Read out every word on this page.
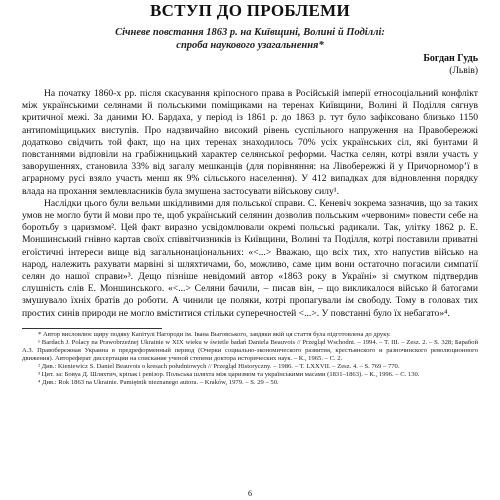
ВСТУП ДО ПРОБЛЕМИ
Січневе повстання 1863 р. на Київщині, Волині й Поділлі:
спроба наукового узагальнення*
Богдан Гудь
(Львів)

На початку 1860-х рр. після скасування кріпосного права в Російській імперії етносоціальний конфлікт між українськими селянами й польськими поміщиками на теренах Київщини, Волині й Поділля сягнув критичної межі. За даними Ю. Бардаха, у період із 1861 р. до 1863 р. тут було зафіксовано близько 1150 антипоміщицьких виступів. Про надзвичайно високий рівень суспільного напруження на Правобережжі додатково свідчить той факт, що на цих теренах знаходилось 70% усіх українських сіл, які бунтами й повстаннями відповіли на грабіжницький характер селянської реформи. Частка селян, котрі взяли участь у заворушеннях, становила 33% від загалу мешканців (для порівняння: на Лівобережжі й у Причорномор’ї в аграрному русі взяло участь менш як 9% сільського населення). У 412 випадках для відновлення порядку влада на прохання землевласників була змушена застосувати військову силу¹.

Наслідки цього були вельми шкідливими для польської справи. С. Кеневіч зокрема зазначив, що за таких умов не могло бути й мови про те, щоб український селянин дозволив польським «червоним» повести себе на боротьбу з царизмом². Цей факт виразно усвідомлювали окремі польські радикали. Так, улітку 1862 р. Е. Моншинський гнівно картав своїх співвітчизників із Київщини, Волині та Поділля, котрі поставили приватні егоїстичні інтереси вище від загальнонаціональних: «<...> Вважаю, що всіх тих, хто напустив військо на народ, належить рахувати марвіні зі шляхтичами, бо, можливо, саме цим вони остаточно погасили симпатії селян до нашої справи»³. Дещо пізніше невідомий автор «1863 року в Україні» зі смутком підтвердив слушність слів Е. Моншинського. «<...> Селяни бачили, – писав він, – що викликалося військо й батогами змушувало їхніх братів до роботи. А чинили це поляки, котрі пропагували ім свободу. Тому в головах тих простих синів природи не могло вміститися стільки суперечностей <...>. У повстанні було їх небагато»⁴.

* Автор висловлює щиру подяку Капітулі Нагороди ім. Івана Выговського, завдяки якій ця стаття була підготовлена до друку.

¹ Bardach J. Polacy na Prawobrzeżnej Ukrainie w XIX wieku w świetle badań Daniela Beauvois // Przegląd Wschodni. – 1994. – T. III. – Zesz. 2. – S. 328; Барабой А.З. Правобережная Украина в предреформенный период (Очерки социально-экономического развития, крестьянского и разночинского революционного движения). Автореферат диссертации на соискание ученой степени доктора исторических наук. – К., 1965. – С. 2.

² Див.: Kieniewicz S. Daniel Beauvois o kresach południowych // Przegląd Historyczny. – 1986. – T. LXXVII. – Zesz. 4. – S. 769 – 770.

³ Цит. за: Бовуа Д. Шляхтич, кріпак і ревізор. Польська шляхта між царизмом та українськими масами (1831–1863). – К., 1996. – С. 130.

⁴ Див.: Rok 1863 na Ukrainie. Pamiętnik nieznanego autora. – Kraków, 1979. – S. 29 – 50.

6
